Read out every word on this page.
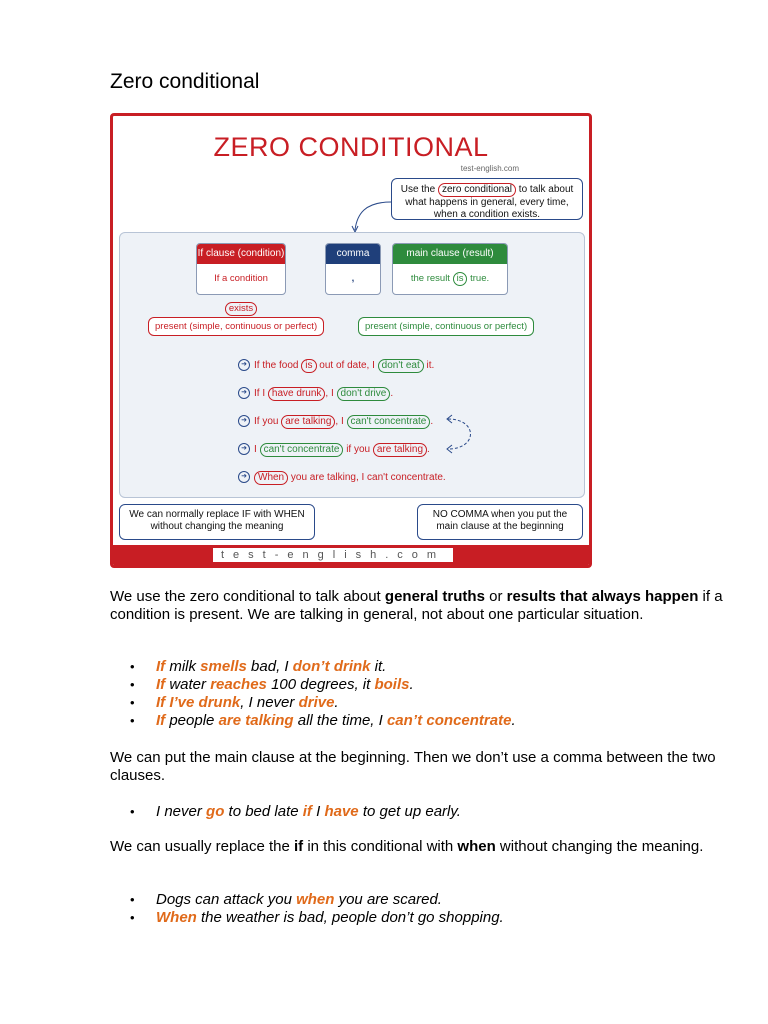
Zero conditional
ZERO CONDITIONAL
test-english.com
Use the zero conditional to talk about what happens in general, every time, when a condition exists.
If clause (condition)
If a condition exists
comma
,
main clause (result)
the result is true.
present (simple, continuous or perfect)	present (simple, continuous or perfect)
➜ If the food is out of date, I don't eat it.
➜ If I have drunk , I don't drive .
➜ If you are talking , I can't concentrate .
➜ I can't concentrate if you are talking .
➜ When you are talking, I can't concentrate.
We can normally replace IF with WHEN without changing the meaning
NO COMMA when you put the main clause at the beginning
test-english.com
We use the zero conditional to talk about general truths or results that always happen if a condition is present. We are talking in general, not about one particular situation.
• If milk smells bad, I don’t drink it.
• If water reaches 100 degrees, it boils.
• If I’ve drunk, I never drive.
• If people are talking all the time, I can’t concentrate.
We can put the main clause at the beginning. Then we don’t use a comma between the two clauses.
• I never go to bed late if I have to get up early.
We can usually replace the if in this conditional with when without changing the meaning.
• Dogs can attack you when you are scared.
• When the weather is bad, people don’t go shopping.
